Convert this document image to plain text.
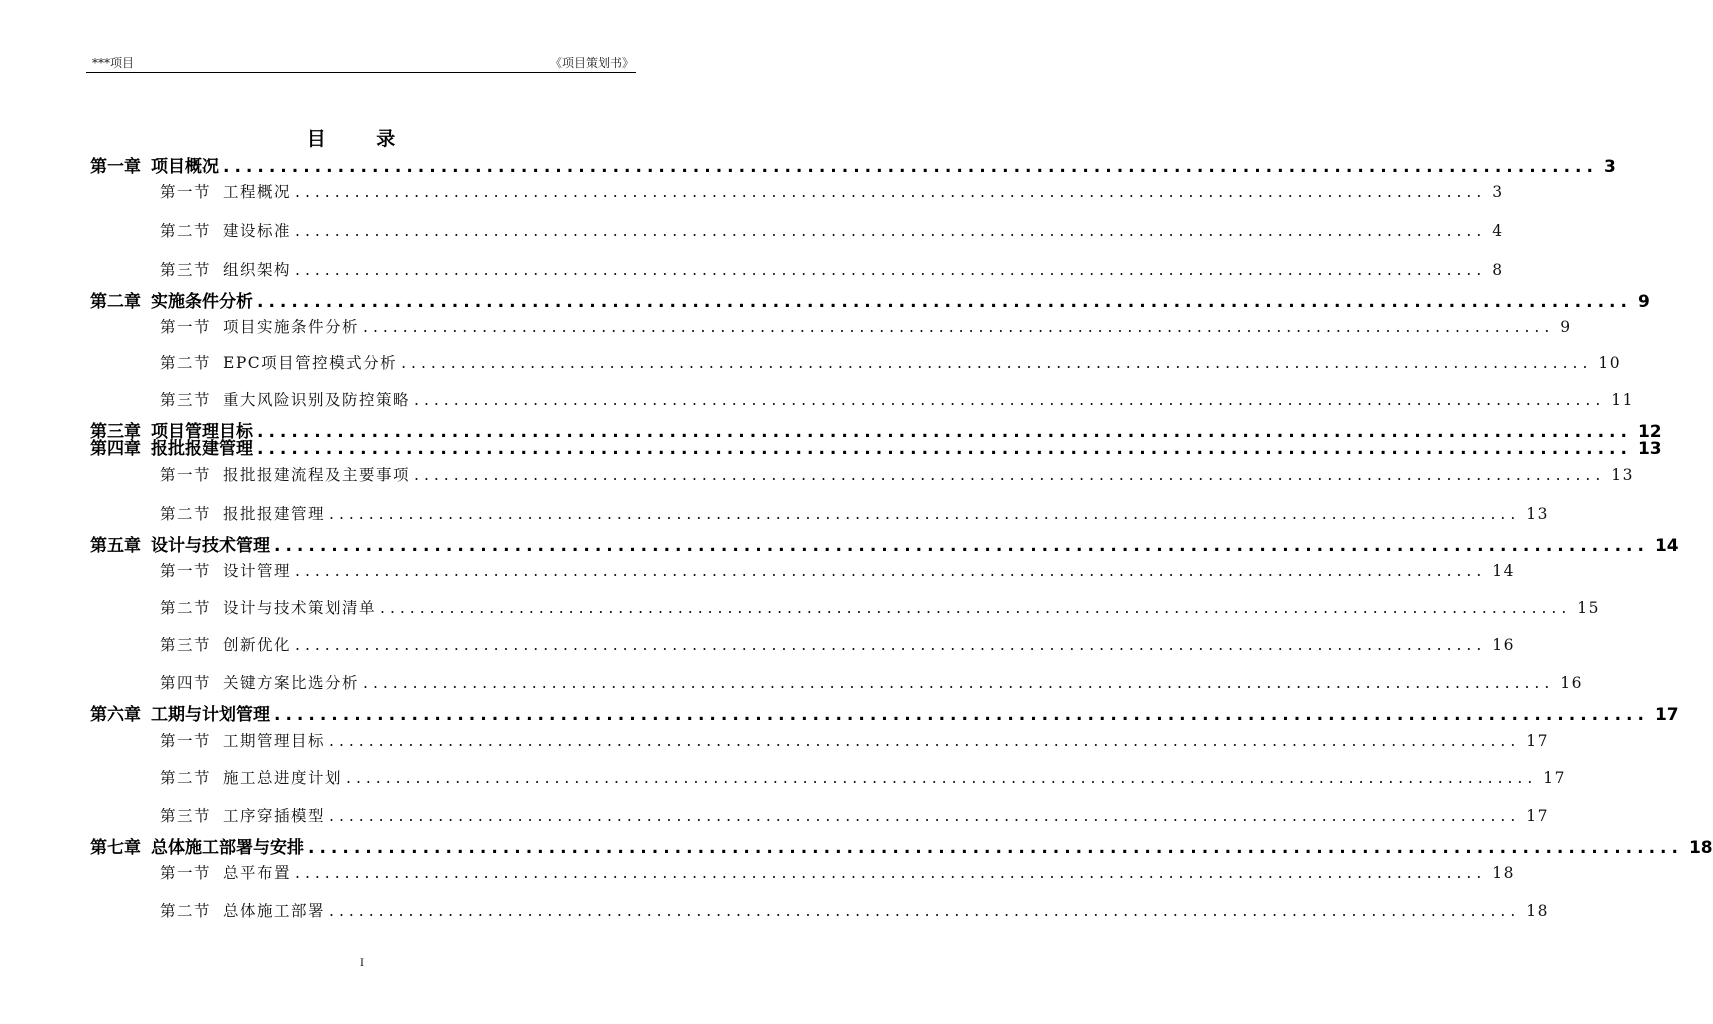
***项目	《项目策划书》
目 录
第一章 项目概况 ........................................................................................................................ 3
第一节 工程概况 ........................................................................................................................ 3
第二节 建设标准 ........................................................................................................................ 4
第三节 组织架构 ........................................................................................................................ 8
第二章 实施条件分析 ........................................................................................................................ 9
第一节 项目实施条件分析 ........................................................................................................................ 9
第二节 EPC项目管控模式分析 ........................................................................................................................ 10
第三节 重大风险识别及防控策略 ........................................................................................................................ 11
第三章 项目管理目标 ........................................................................................................................ 12
第四章 报批报建管理 ........................................................................................................................ 13
第一节 报批报建流程及主要事项 ........................................................................................................................ 13
第二节 报批报建管理 ........................................................................................................................ 13
第五章 设计与技术管理 ........................................................................................................................ 14
第一节 设计管理 ........................................................................................................................ 14
第二节 设计与技术策划清单 ........................................................................................................................ 15
第三节 创新优化 ........................................................................................................................ 16
第四节 关键方案比选分析 ........................................................................................................................ 16
第六章 工期与计划管理 ........................................................................................................................ 17
第一节 工期管理目标 ........................................................................................................................ 17
第二节 施工总进度计划 ........................................................................................................................ 17
第三节 工序穿插模型 ........................................................................................................................ 17
第七章 总体施工部署与安排 ........................................................................................................................ 18
第一节 总平布置 ........................................................................................................................ 18
第二节 总体施工部署 ........................................................................................................................ 18
I
